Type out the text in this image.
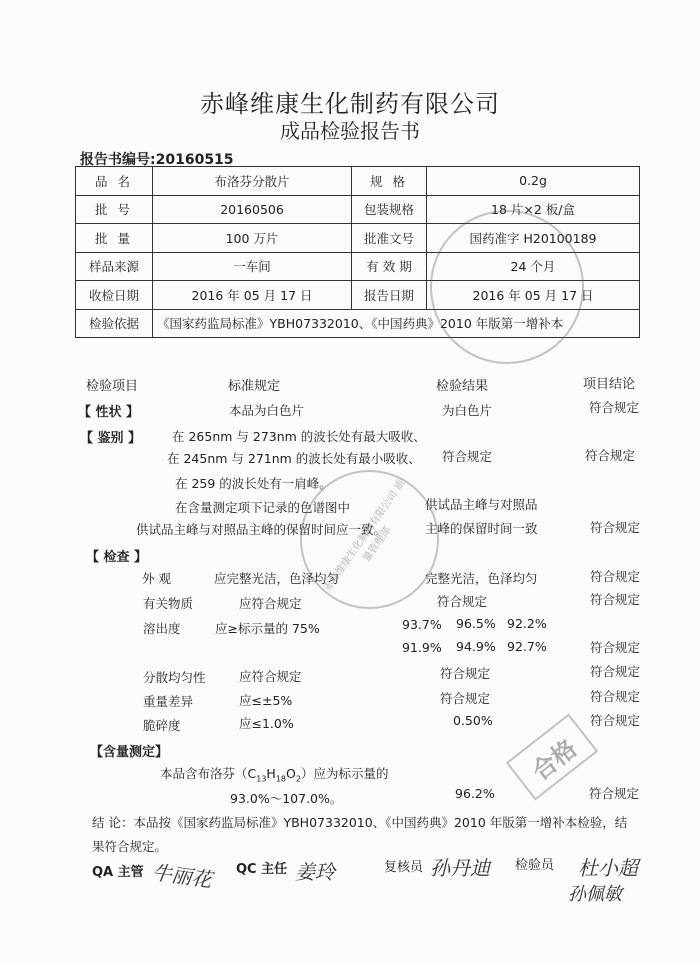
赤峰维康生化制药有限公司
成品检验报告书
报告书编号:20160515
品 名	布洛芬分散片	规 格	0.2g
批 号	20160506	包装规格	18 片×2 板/盒
批 量	100 万片	批准文号	国药准字 H20100189
样品来源	一车间	有 效 期	24 个月
收检日期	2016 年 05 月 17 日	报告日期	2016 年 05 月 17 日
检验依据	《国家药监局标准》YBH07332010、《中国药典》2010 年版第一增补本		
检验项目	标准规定	检验结果	项目结论
【 性状 】	本品为白色片	为白色片	符合规定
【 鉴别 】 在 265nm 与 273nm 的波长处有最大吸收、
在 245nm 与 271nm 的波长处有最小吸收、 符合规定	符合规定
在 259 的波长处有一肩峰。
在含量测定项下记录的色谱图中	供试品主峰与对照品
供试品主峰与对照品主峰的保留时间应一致。	主峰的保留时间一致	符合规定
【 检查 】
外 观	应完整光洁，色泽均匀	完整光洁，色泽均匀	符合规定
有关物质	应符合规定	符合规定	符合规定
溶出度	应≥标示量的 75%	93.7% 96.5% 92.2%
91.9% 94.9% 92.7%	符合规定
分散均匀性	应符合规定	符合规定	符合规定
重量差异	应≤±5%	符合规定	符合规定
脆碎度	应≤1.0%	0.50%	符合规定
【含量测定】
本品含布洛芬$(C_{13}H_{18}O_2)$应为标示量的
93.0%～107.0%。	96.2%	符合规定
结 论：本品按《国家药监局标准》YBH07332010、《中国药典》2010 年版第一增补本检验，结
果符合规定。
QA 主管 牛丽花 QC 主任 姜玲	复核员 孙丹迪 检验员 杜小超
孙佩敏
赤峰维康生化制药有限公司 质量管理部
合格
